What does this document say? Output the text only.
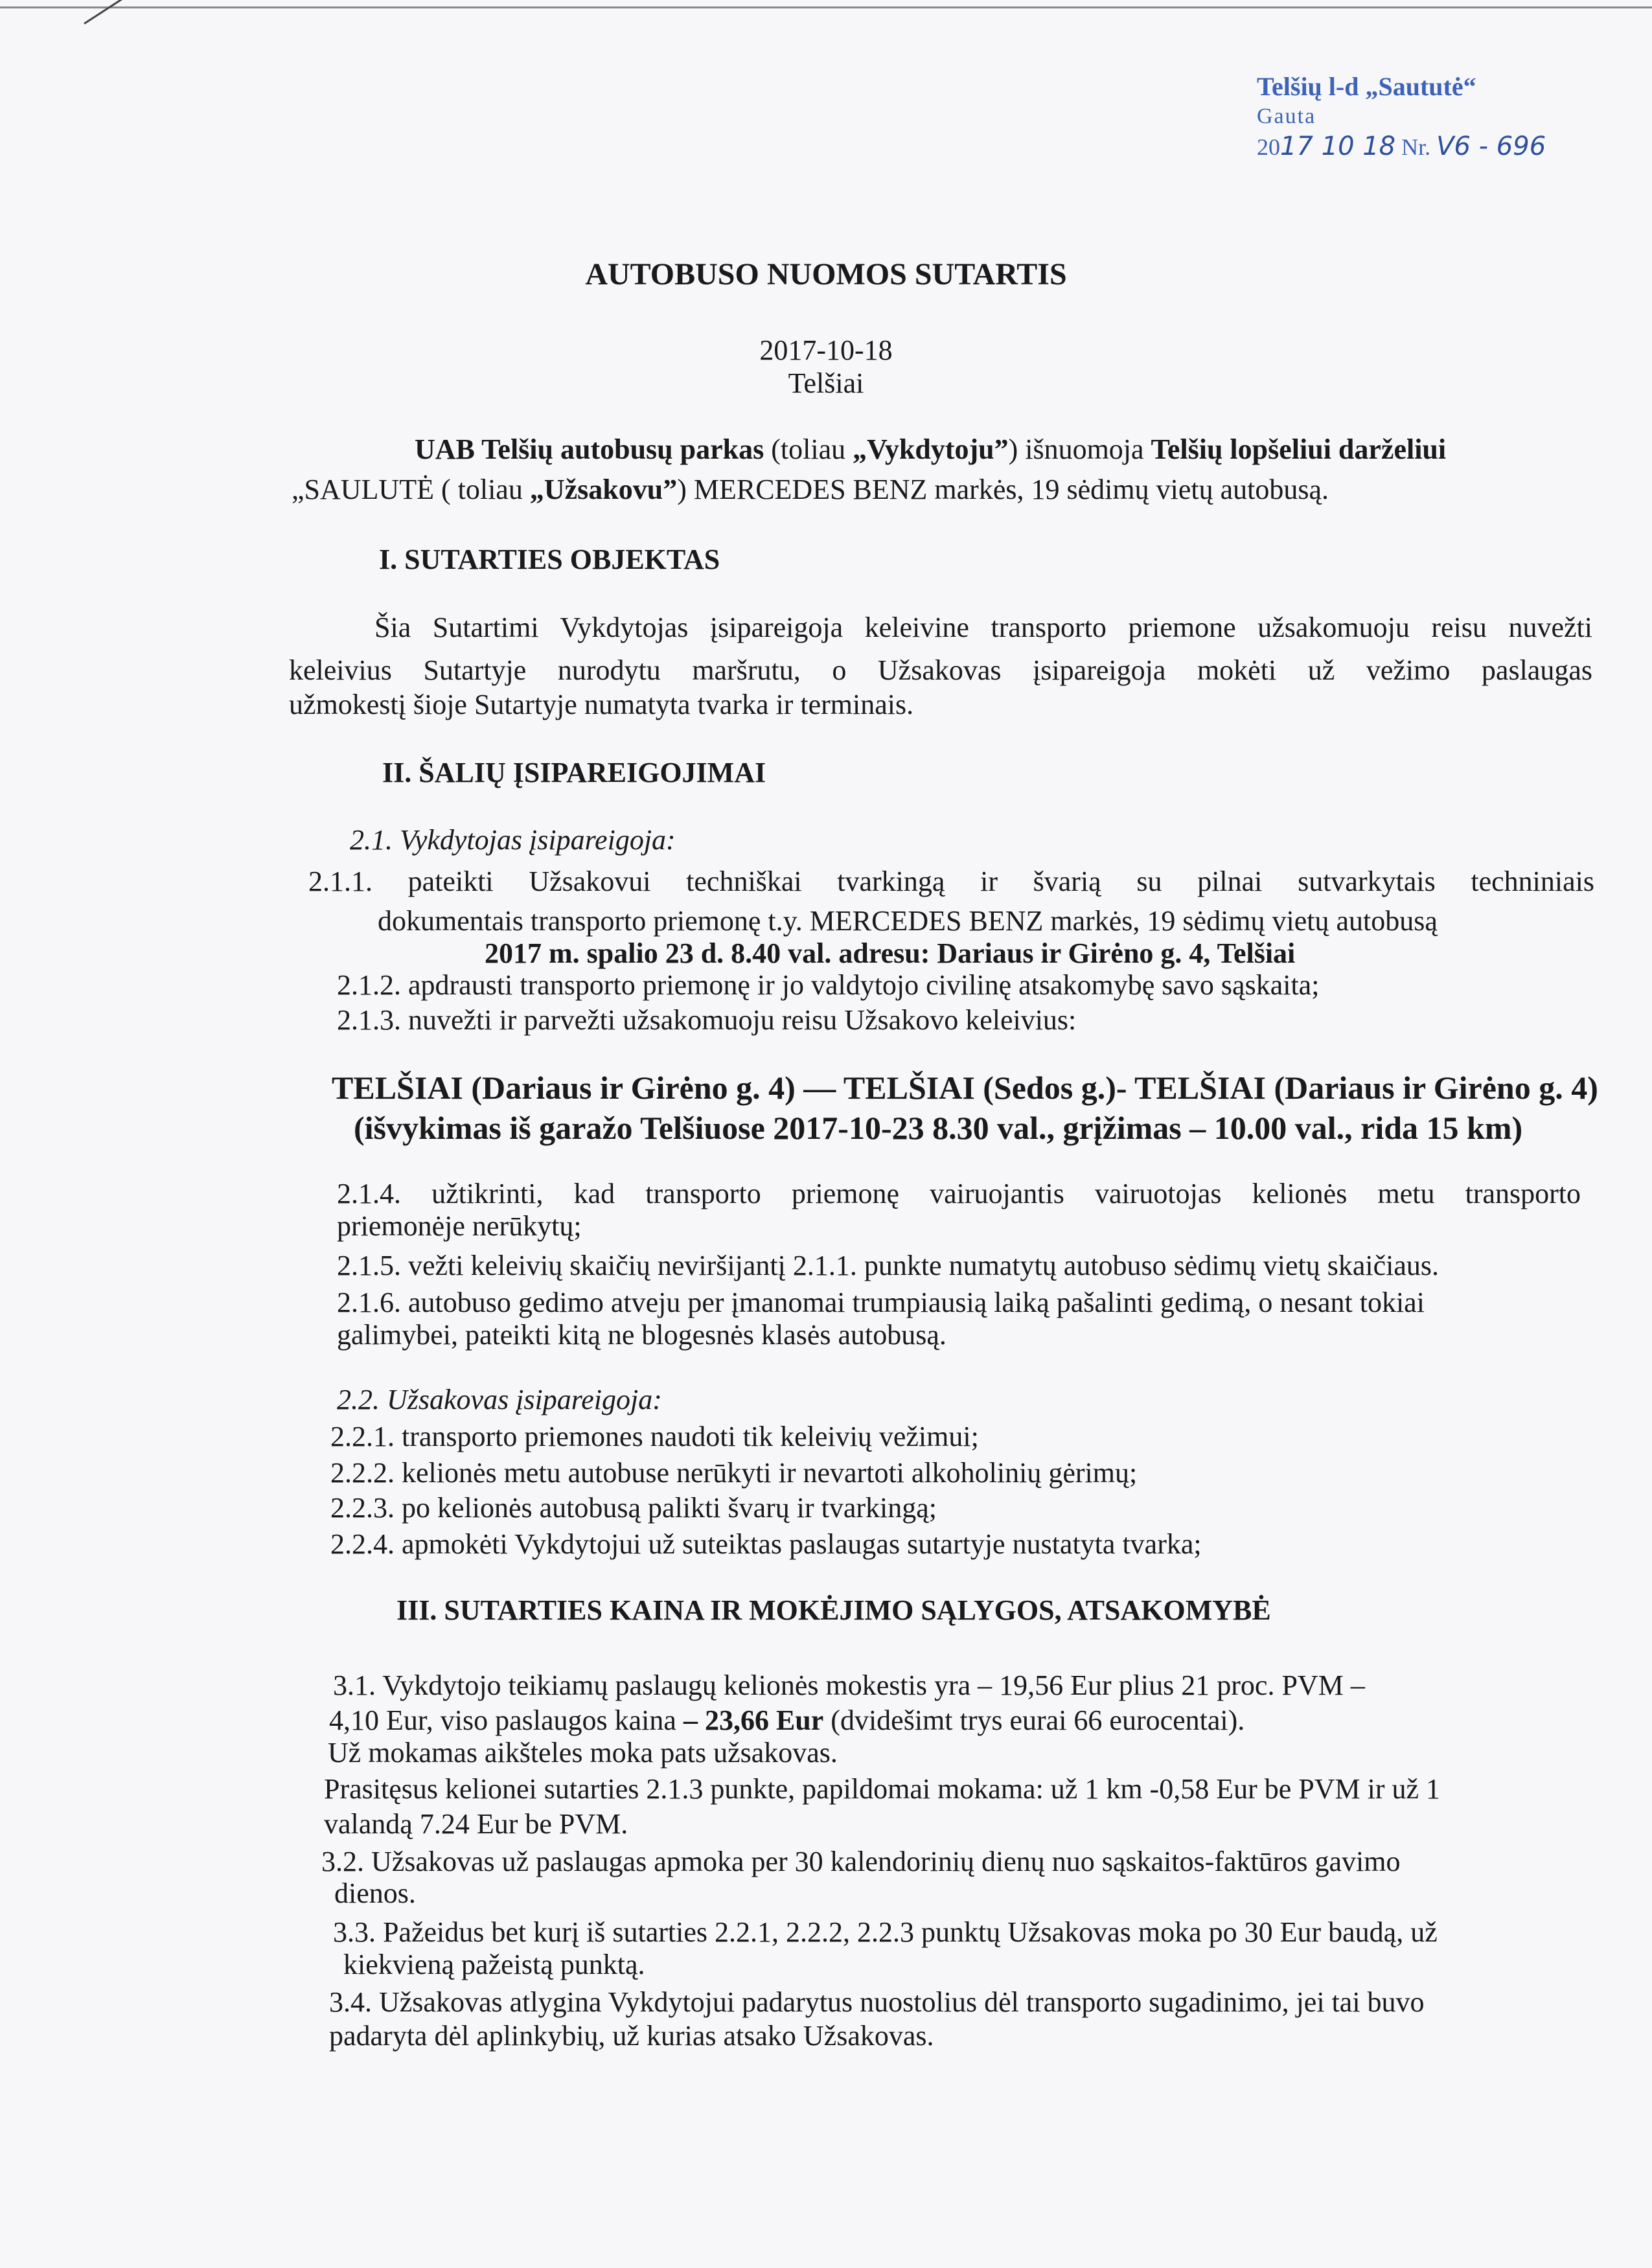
Telšių l-d „Saututė“
Gauta
2017 10 18 Nr. V6 - 696
AUTOBUSO NUOMOS SUTARTIS
2017-10-18
Telšiai
UAB Telšių autobusų parkas (toliau „Vykdytoju”) išnuomoja Telšių lopšeliui darželiui
„SAULUTĖ ( toliau „Užsakovu”) MERCEDES BENZ markės, 19 sėdimų vietų autobusą.
I. SUTARTIES OBJEKTAS
Šia Sutartimi Vykdytojas įsipareigoja keleivine transporto priemone užsakomuoju reisu nuvežti
keleivius Sutartyje nurodytu maršrutu, o Užsakovas įsipareigoja mokėti už vežimo paslaugas
užmokestį šioje Sutartyje numatyta tvarka ir terminais.
II. ŠALIŲ ĮSIPAREIGOJIMAI
2.1. Vykdytojas įsipareigoja:
2.1.1. pateikti Užsakovui techniškai tvarkingą ir švarią su pilnai sutvarkytais techniniais
dokumentais transporto priemonę t.y. MERCEDES BENZ markės, 19 sėdimų vietų autobusą
2017 m. spalio 23 d. 8.40 val. adresu: Dariaus ir Girėno g. 4, Telšiai
2.1.2. apdrausti transporto priemonę ir jo valdytojo civilinę atsakomybę savo sąskaita;
2.1.3. nuvežti ir parvežti užsakomuoju reisu Užsakovo keleivius:
TELŠIAI (Dariaus ir Girėno g. 4) — TELŠIAI (Sedos g.)- TELŠIAI (Dariaus ir Girėno g. 4)
(išvykimas iš garažo Telšiuose 2017-10-23 8.30 val., grįžimas – 10.00 val., rida 15 km)
2.1.4. užtikrinti, kad transporto priemonę vairuojantis vairuotojas kelionės metu transporto
priemonėje nerūkytų;
2.1.5. vežti keleivių skaičių neviršijantį 2.1.1. punkte numatytų autobuso sėdimų vietų skaičiaus.
2.1.6. autobuso gedimo atveju per įmanomai trumpiausią laiką pašalinti gedimą, o nesant tokiai
galimybei, pateikti kitą ne blogesnės klasės autobusą.
2.2. Užsakovas įsipareigoja:
2.2.1. transporto priemones naudoti tik keleivių vežimui;
2.2.2. kelionės metu autobuse nerūkyti ir nevartoti alkoholinių gėrimų;
2.2.3. po kelionės autobusą palikti švarų ir tvarkingą;
2.2.4. apmokėti Vykdytojui už suteiktas paslaugas sutartyje nustatyta tvarka;
III. SUTARTIES KAINA IR MOKĖJIMO SĄLYGOS, ATSAKOMYBĖ
3.1. Vykdytojo teikiamų paslaugų kelionės mokestis yra – 19,56 Eur plius 21 proc. PVM –
4,10 Eur, viso paslaugos kaina – 23,66 Eur (dvidešimt trys eurai 66 eurocentai).
Už mokamas aikšteles moka pats užsakovas.
Prasitęsus kelionei sutarties 2.1.3 punkte, papildomai mokama: už 1 km -0,58 Eur be PVM ir už 1
valandą 7.24 Eur be PVM.
3.2. Užsakovas už paslaugas apmoka per 30 kalendorinių dienų nuo sąskaitos-faktūros gavimo
dienos.
3.3. Pažeidus bet kurį iš sutarties 2.2.1, 2.2.2, 2.2.3 punktų Užsakovas moka po 30 Eur baudą, už
kiekvieną pažeistą punktą.
3.4. Užsakovas atlygina Vykdytojui padarytus nuostolius dėl transporto sugadinimo, jei tai buvo
padaryta dėl aplinkybių, už kurias atsako Užsakovas.
